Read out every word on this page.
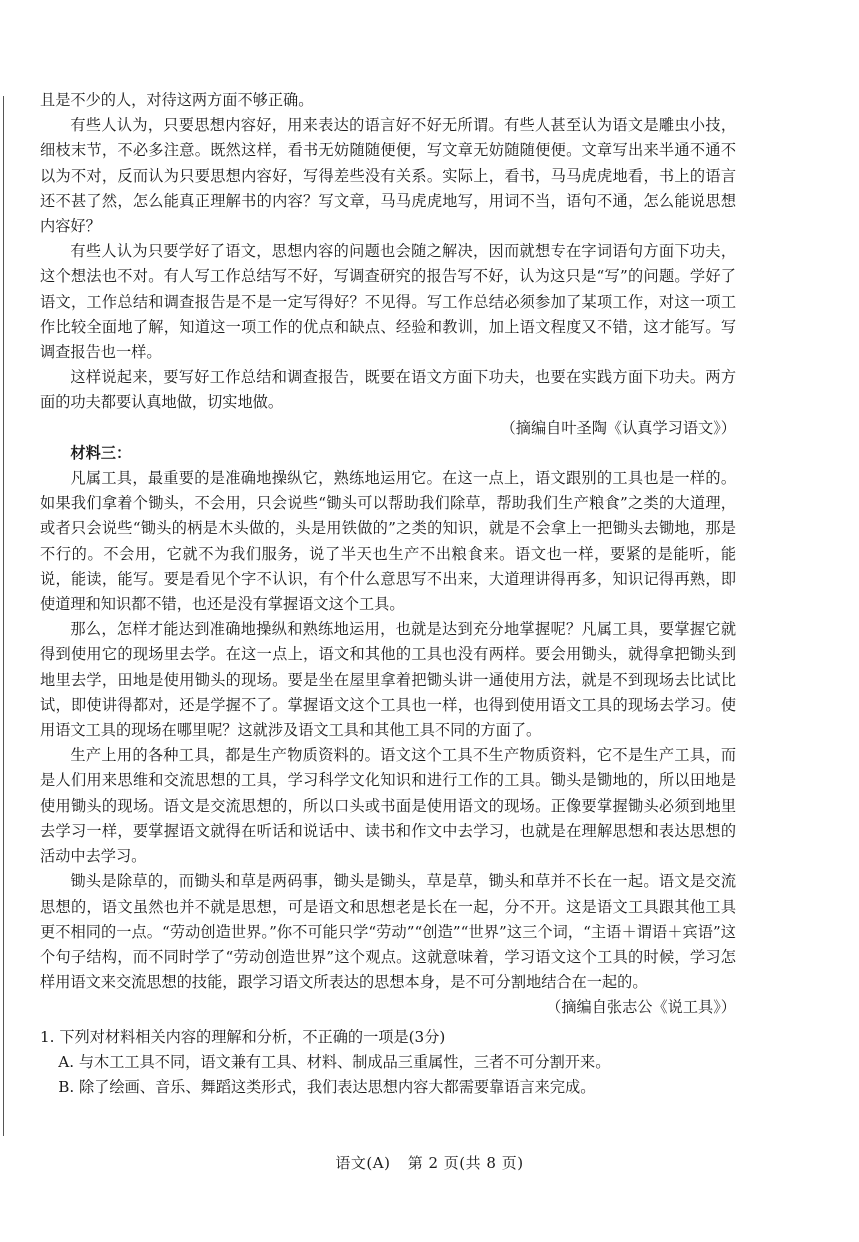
且是不少的人，对待这两方面不够正确。

有些人认为，只要思想内容好，用来表达的语言好不好无所谓。有些人甚至认为语文是雕虫小技，细枝末节，不必多注意。既然这样，看书无妨随随便便，写文章无妨随随便便。文章写出来半通不通不以为不对，反而认为只要思想内容好，写得差些没有关系。实际上，看书，马马虎虎地看，书上的语言还不甚了然，怎么能真正理解书的内容？写文章，马马虎虎地写，用词不当，语句不通，怎么能说思想内容好？

有些人认为只要学好了语文，思想内容的问题也会随之解决，因而就想专在字词语句方面下功夫，这个想法也不对。有人写工作总结写不好，写调查研究的报告写不好，认为这只是“写”的问题。学好了语文，工作总结和调查报告是不是一定写得好？不见得。写工作总结必须参加了某项工作，对这一项工作比较全面地了解，知道这一项工作的优点和缺点、经验和教训，加上语文程度又不错，这才能写。写调查报告也一样。

这样说起来，要写好工作总结和调查报告，既要在语文方面下功夫，也要在实践方面下功夫。两方面的功夫都要认真地做，切实地做。

（摘编自叶圣陶《认真学习语文》）

材料三：

凡属工具，最重要的是准确地操纵它，熟练地运用它。在这一点上，语文跟别的工具也是一样的。如果我们拿着个锄头，不会用，只会说些“锄头可以帮助我们除草，帮助我们生产粮食”之类的大道理，或者只会说些“锄头的柄是木头做的，头是用铁做的”之类的知识，就是不会拿上一把锄头去锄地，那是不行的。不会用，它就不为我们服务，说了半天也生产不出粮食来。语文也一样，要紧的是能听，能说，能读，能写。要是看见个字不认识，有个什么意思写不出来，大道理讲得再多，知识记得再熟，即使道理和知识都不错，也还是没有掌握语文这个工具。

那么，怎样才能达到准确地操纵和熟练地运用，也就是达到充分地掌握呢？凡属工具，要掌握它就得到使用它的现场里去学。在这一点上，语文和其他的工具也没有两样。要会用锄头，就得拿把锄头到地里去学，田地是使用锄头的现场。要是坐在屋里拿着把锄头讲一通使用方法，就是不到现场去比试比试，即使讲得都对，还是学握不了。掌握语文这个工具也一样，也得到使用语文工具的现场去学习。使用语文工具的现场在哪里呢？这就涉及语文工具和其他工具不同的方面了。

生产上用的各种工具，都是生产物质资料的。语文这个工具不生产物质资料，它不是生产工具，而是人们用来思维和交流思想的工具，学习科学文化知识和进行工作的工具。锄头是锄地的，所以田地是使用锄头的现场。语文是交流思想的，所以口头或书面是使用语文的现场。正像要掌握锄头必须到地里去学习一样，要掌握语文就得在听话和说话中、读书和作文中去学习，也就是在理解思想和表达思想的活动中去学习。

锄头是除草的，而锄头和草是两码事，锄头是锄头，草是草，锄头和草并不长在一起。语文是交流思想的，语文虽然也并不就是思想，可是语文和思想老是长在一起，分不开。这是语文工具跟其他工具更不相同的一点。“劳动创造世界。”你不可能只学“劳动”“创造”“世界”这三个词，“主语＋谓语＋宾语”这个句子结构，而不同时学了“劳动创造世界”这个观点。这就意味着，学习语文这个工具的时候，学习怎样用语文来交流思想的技能，跟学习语文所表达的思想本身，是不可分割地结合在一起的。

（摘编自张志公《说工具》）

1. 下列对材料相关内容的理解和分析，不正确的一项是(3分)

A. 与木工工具不同，语文兼有工具、材料、制成品三重属性，三者不可分割开来。

B. 除了绘画、音乐、舞蹈这类形式，我们表达思想内容大都需要靠语言来完成。

语文(A) 第 2 页(共 8 页)
